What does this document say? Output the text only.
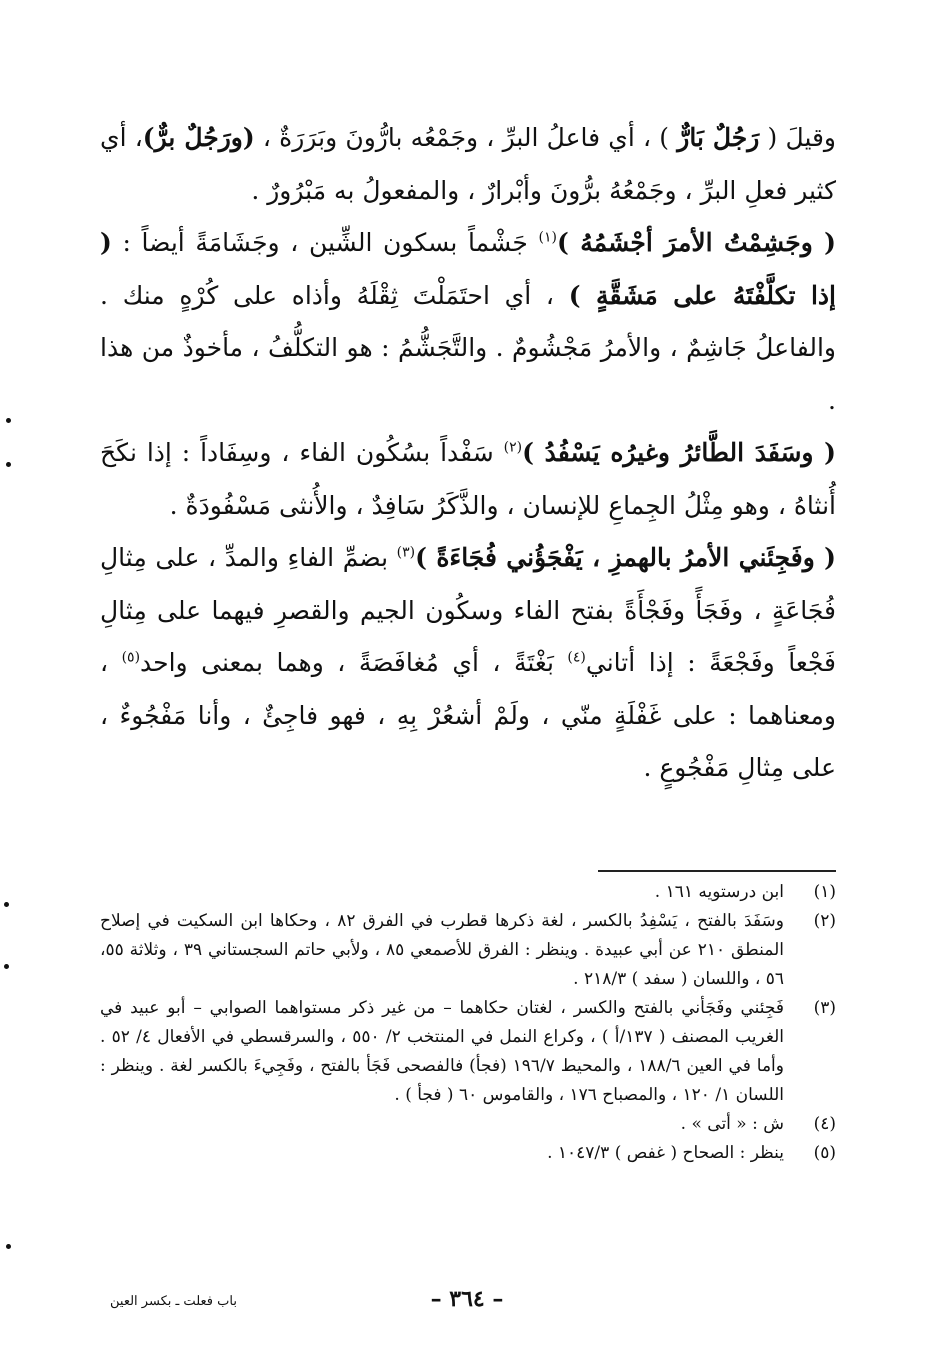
وقيلَ ( رَجُلٌ بَارٌّ ) ، أي فاعلُ البرِّ ، وجَمْعُه بارُّونَ وبَرَرَةٌ ، (ورَجُلٌ برٌّ)، أي كثير فعلِ البرِّ ، وجَمْعُهُ برُّونَ وأبْرارٌ ، والمفعولُ به مَبْرُورٌ .

( وجَشِمْتُ الأمرَ أجْشَمُهُ )$^{(١)}$ جَشْماً بسكون الشِّين ، وجَشَامَةً أيضاً : ( إذا تكلَّفْتَهُ على مَشَقَّةٍ ) ، أي احتَمَلْتَ ثِقْلَهُ وأذاه على كُرْهٍ منك . والفاعلُ جَاشِمٌ ، والأمرُ مَجْشُومٌ . والتَّجَشُّمُ : هو التكلُّفُ ، مأخوذٌ من هذا .

( وسَفَدَ الطَّائرُ وغيرُه يَسْفُدُ )$^{(٢)}$ سَفْداً بسُكُون الفاء ، وسِفَاداً : إذا نكَحَ أُنثاهُ ، وهو مِثْلُ الجِماعِ للإنسان ، والذَّكَرُ سَافِدٌ ، والأُنثى مَسْفُودَةٌ .

( وفَجِئَني الأمرُ بالهمزِ ، يَفْجَؤُني فُجَاءَةً )$^{(٣)}$ بضمِّ الفاءِ والمدِّ ، على مِثالِ فُجَاعَةٍ ، وفَجَأً وفَجْأَةً بفتح الفاء وسكُون الجيم والقصرِ فيهما على مِثالِ فَجْعاً وفَجْعَةً : إذا أتاني$^{(٤)}$ بَغْتَةً ، أي مُغافَصَةً ، وهما بمعنى واحد$^{(٥)}$ ، ومعناهما : على غَفْلَةٍ منّي ، ولَمْ أشعُرْ بِهِ ، فهو فاجِئٌ ، وأنا مَفْجُوءٌ ، على مِثالِ مَفْجُوعٍ .

(١)
ابن درستويه ١٦١ .
(٢)
وسَفَدَ بالفتح ، يَسْفِدُ بالكسر ، لغة ذكرها قطرب في الفرق ٨٢ ، وحكاها ابن السكيت في إصلاح المنطق ٢١٠ عن أبي عبيدة . وينظر : الفرق للأصمعي ٨٥ ، ولأبي حاتم السجستاني ٣٩ ، وثلاثة ٥٥، ٥٦ ، واللسان ( سفد ) ٢١٨/٣ .
(٣)
فَجِئني وفَجَأني بالفتح والكسر ، لغتان حكاهما – من غير ذكر مستواهما الصوابي – أبو عبيد في الغريب المصنف ( ١٣٧/أ ) ، وكراع النمل في المنتخب ٢/ ٥٥٠ ، والسرقسطي في الأفعال ٤/ ٥٢ . وأما في العين ١٨٨/٦ ، والمحيط ١٩٦/٧ (فجأ) فالفصحى فَجَأ بالفتح ، وفَجِيءَ بالكسر لغة . وينظر : اللسان ١/ ١٢٠ ، والمصباح ١٧٦ ، والقاموس ٦٠ ( فجأ ) .
(٤)
ش : « أتى » .
(٥)
ينظر : الصحاح ( غفص ) ١٠٤٧/٣ .
– ٣٦٤ –
باب فعلت ـ بكسر العين
